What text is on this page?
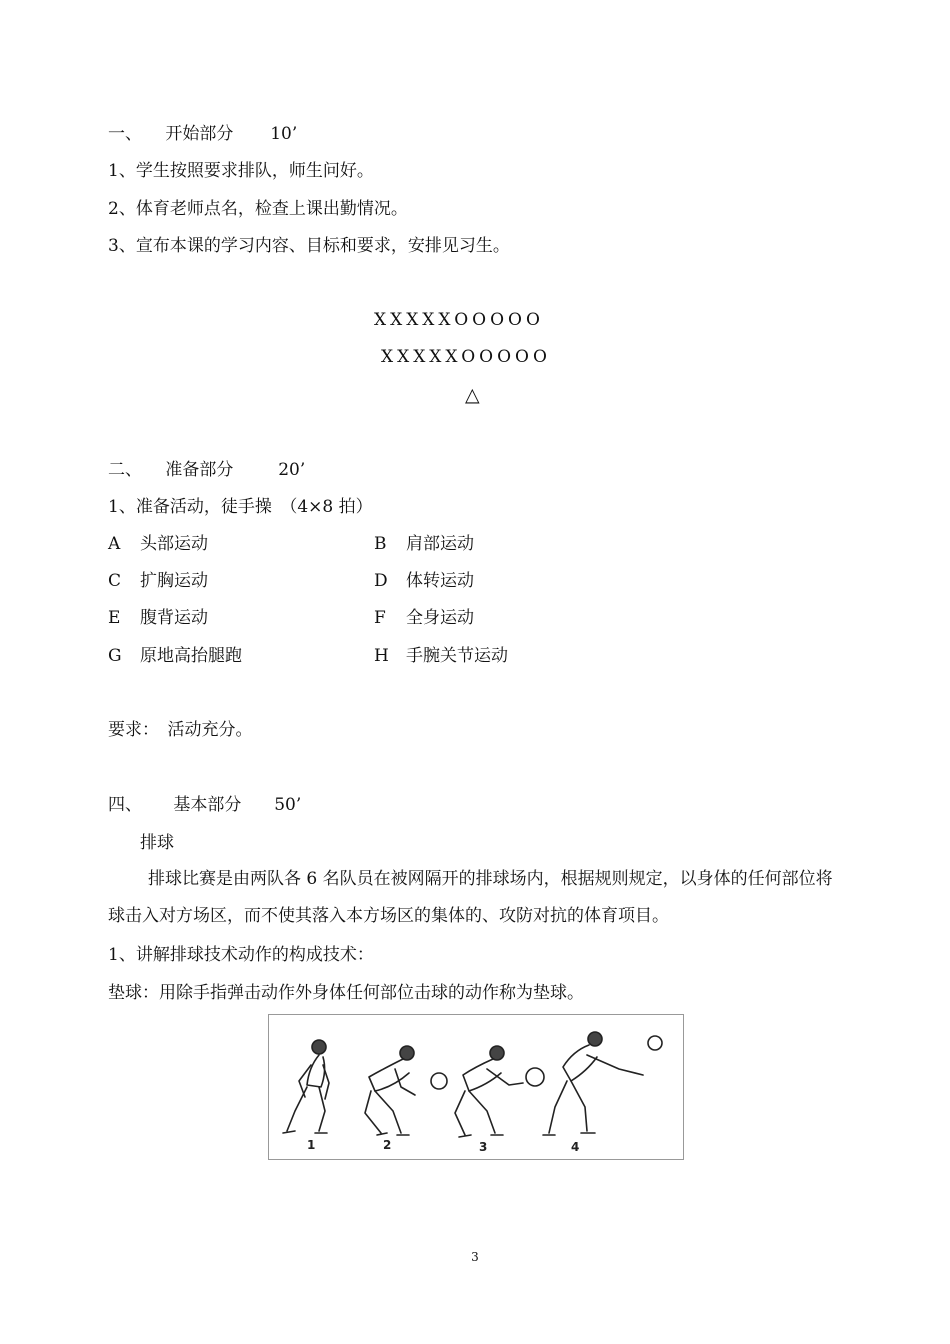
一、 开始部分 10’
1、学生按照要求排队，师生问好。
2、体育老师点名，检查上课出勤情况。
3、宣布本课的学习内容、目标和要求，安排见习生。
XXXXXOOOOO
XXXXXOOOOO
△
二、 准备部分	20’
1、准备活动，徒手操　（4×8 拍）
A 头部运动	B 肩部运动
C 扩胸运动	D 体转运动
E 腹背运动	F 全身运动
G 原地高抬腿跑	H 手腕关节运动
要求：　活动充分。
四、 基本部分 50’
排球
排球比赛是由两队各 6 名队员在被网隔开的排球场内，根据规则规定，以身体的任何部位将球击入对方场区，而不使其落入本方场区的集体的、攻防对抗的体育项目。
1、讲解排球技术动作的构成技术：
垫球：用除手指弹击动作外身体任何部位击球的动作称为垫球。
1	2	3	4
3
